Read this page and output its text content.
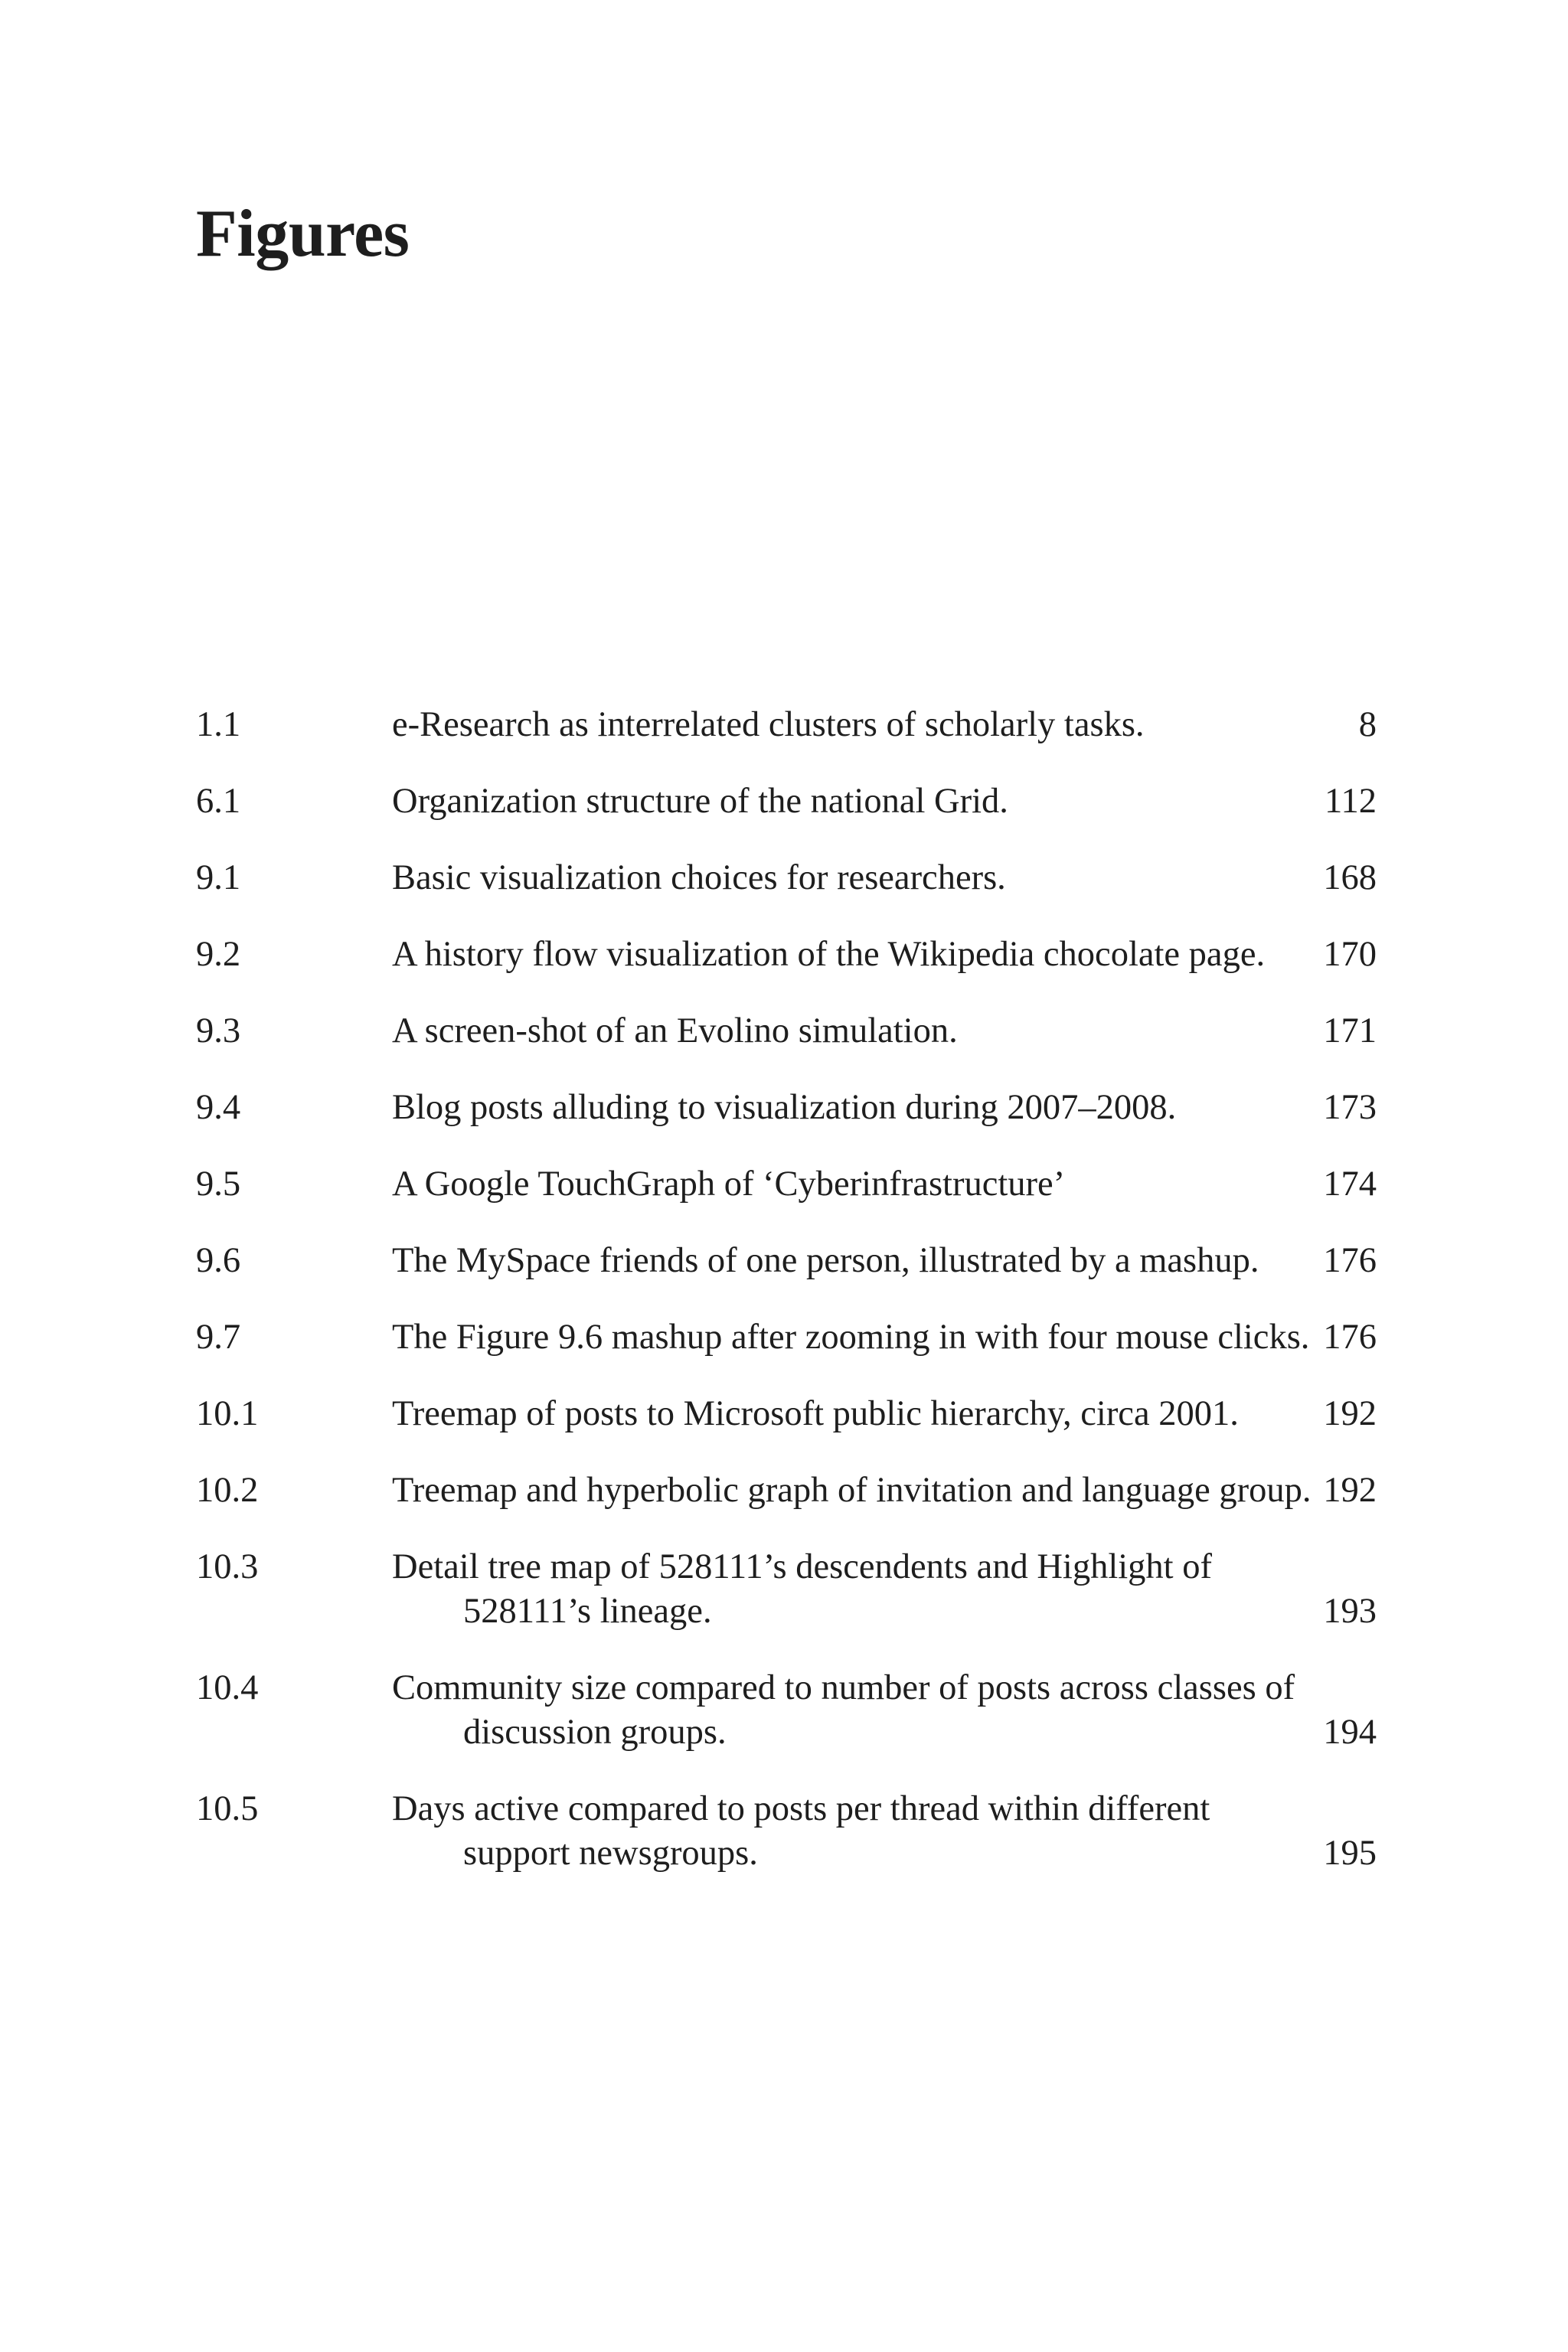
Figures
1.1	e-Research as interrelated clusters of scholarly tasks.	8
6.1	Organization structure of the national Grid.	112
9.1	Basic visualization choices for researchers.	168
9.2	A history flow visualization of the Wikipedia chocolate page.	170
9.3	A screen-shot of an Evolino simulation.	171
9.4	Blog posts alluding to visualization during 2007–2008.	173
9.5	A Google TouchGraph of ‘Cyberinfrastructure’	174
9.6	The MySpace friends of one person, illustrated by a mashup.	176
9.7	The Figure 9.6 mashup after zooming in with four mouse clicks. 176
10.1	Treemap of posts to Microsoft public hierarchy, circa 2001.	192
10.2	Treemap and hyperbolic graph of invitation and language group. 192
10.3	Detail tree map of 528111’s descendents and Highlight of 528111’s lineage.	193
10.4	Community size compared to number of posts across classes of discussion groups.	194
10.5	Days active compared to posts per thread within different support newsgroups.	195
